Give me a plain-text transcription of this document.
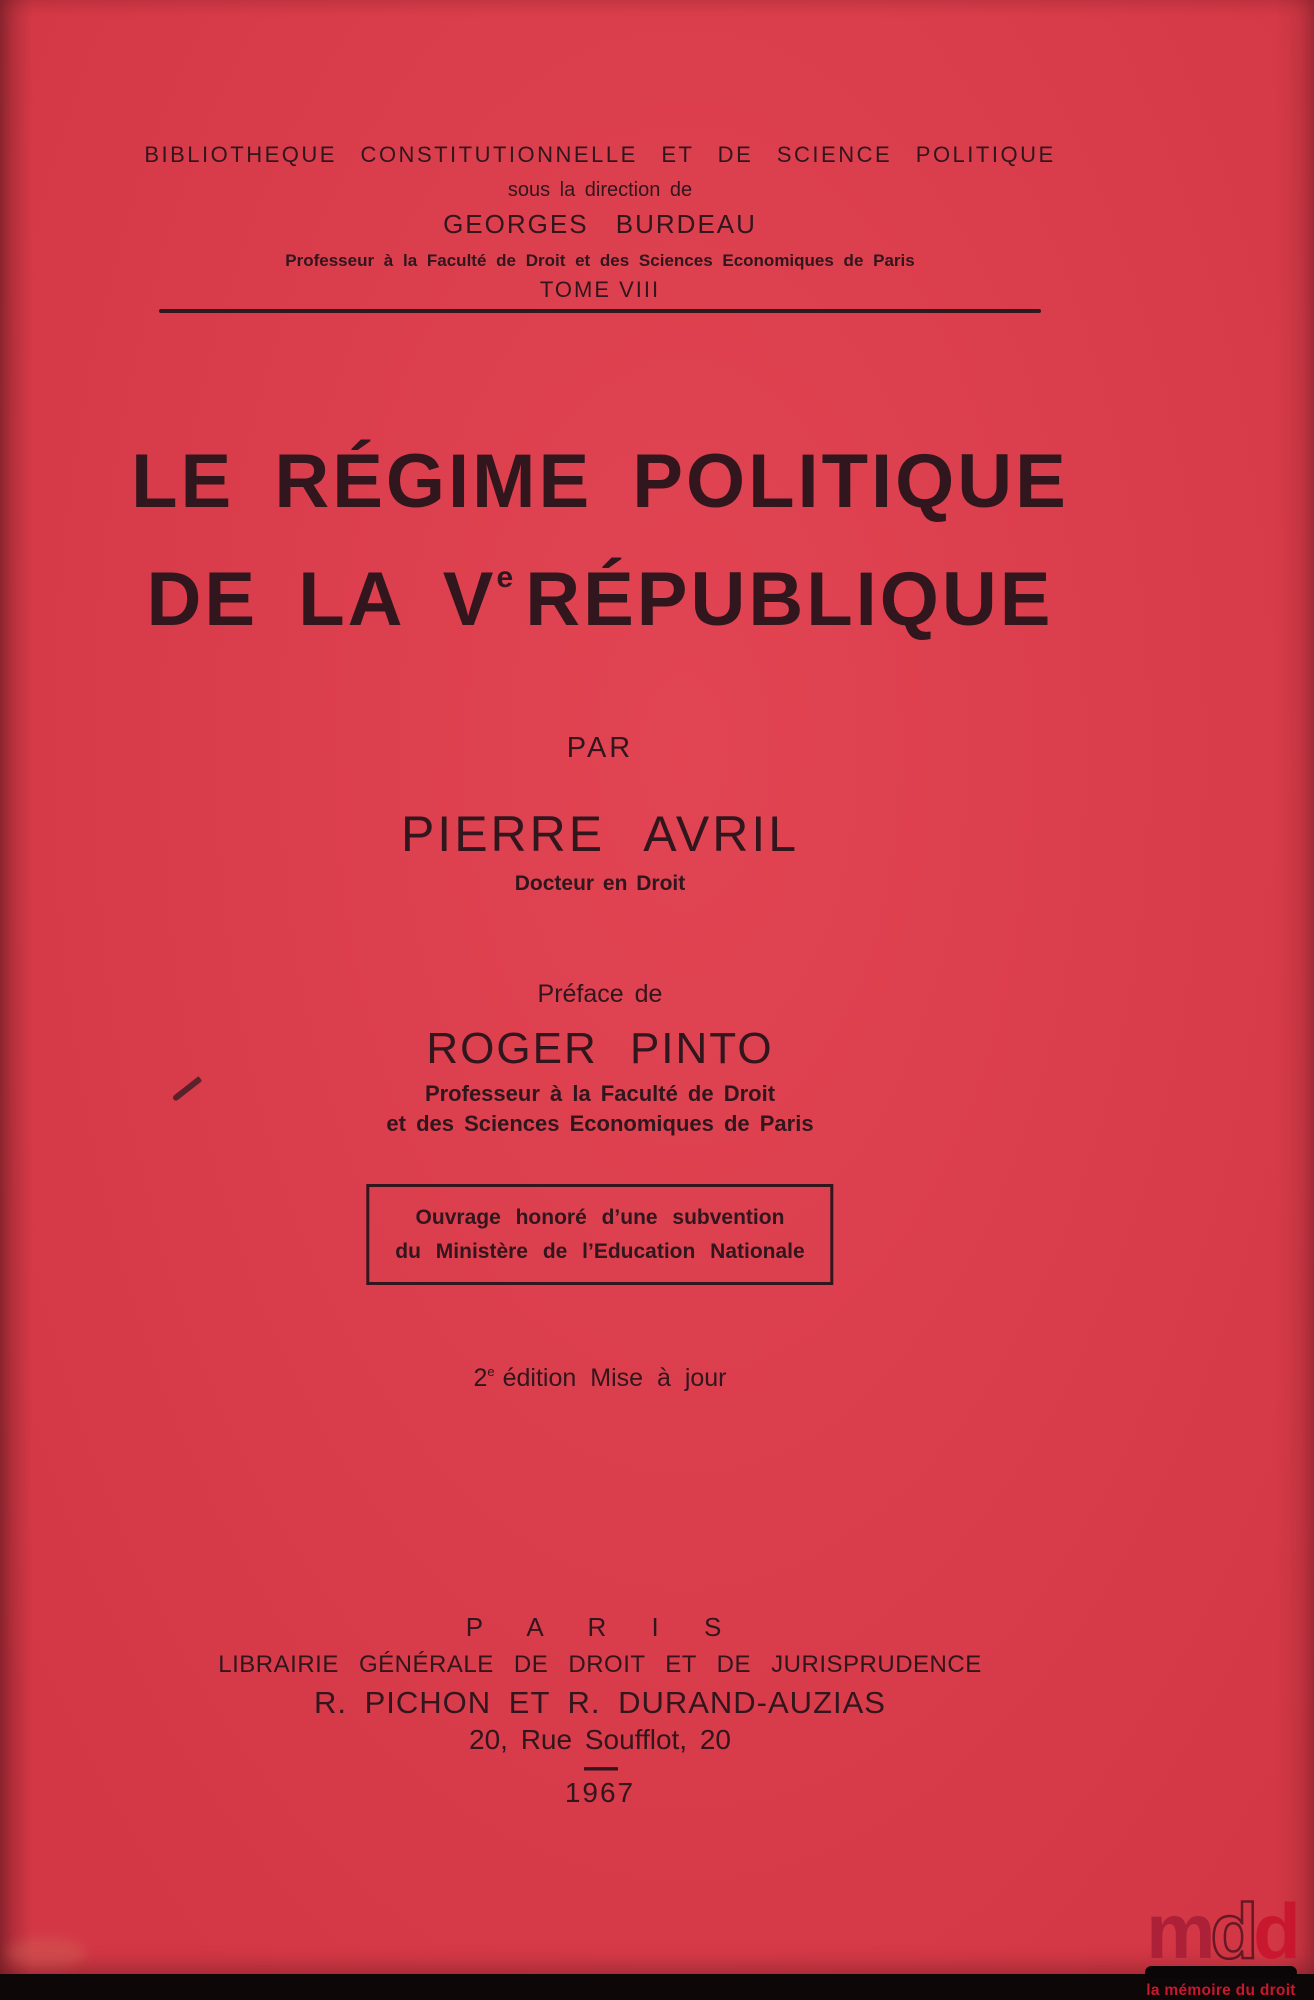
BIBLIOTHEQUE CONSTITUTIONNELLE ET DE SCIENCE POLITIQUE
sous la direction de
GEORGES BURDEAU
Professeur à la Faculté de Droit et des Sciences Economiques de Paris
TOME VIII
LE RÉGIME POLITIQUE
DE LA Ve RÉPUBLIQUE
PAR
PIERRE AVRIL
Docteur en Droit
Préface de
ROGER PINTO
Professeur à la Faculté de Droit
et des Sciences Economiques de Paris
Ouvrage honoré d’une subvention
du Ministère de l’Education Nationale
2e édition Mise à jour
P A R I S
LIBRAIRIE GÉNÉRALE DE DROIT ET DE JURISPRUDENCE
R. PICHON ET R. DURAND-AUZIAS
20, Rue Soufflot, 20
—
1967
mdd
la mémoire du droit
